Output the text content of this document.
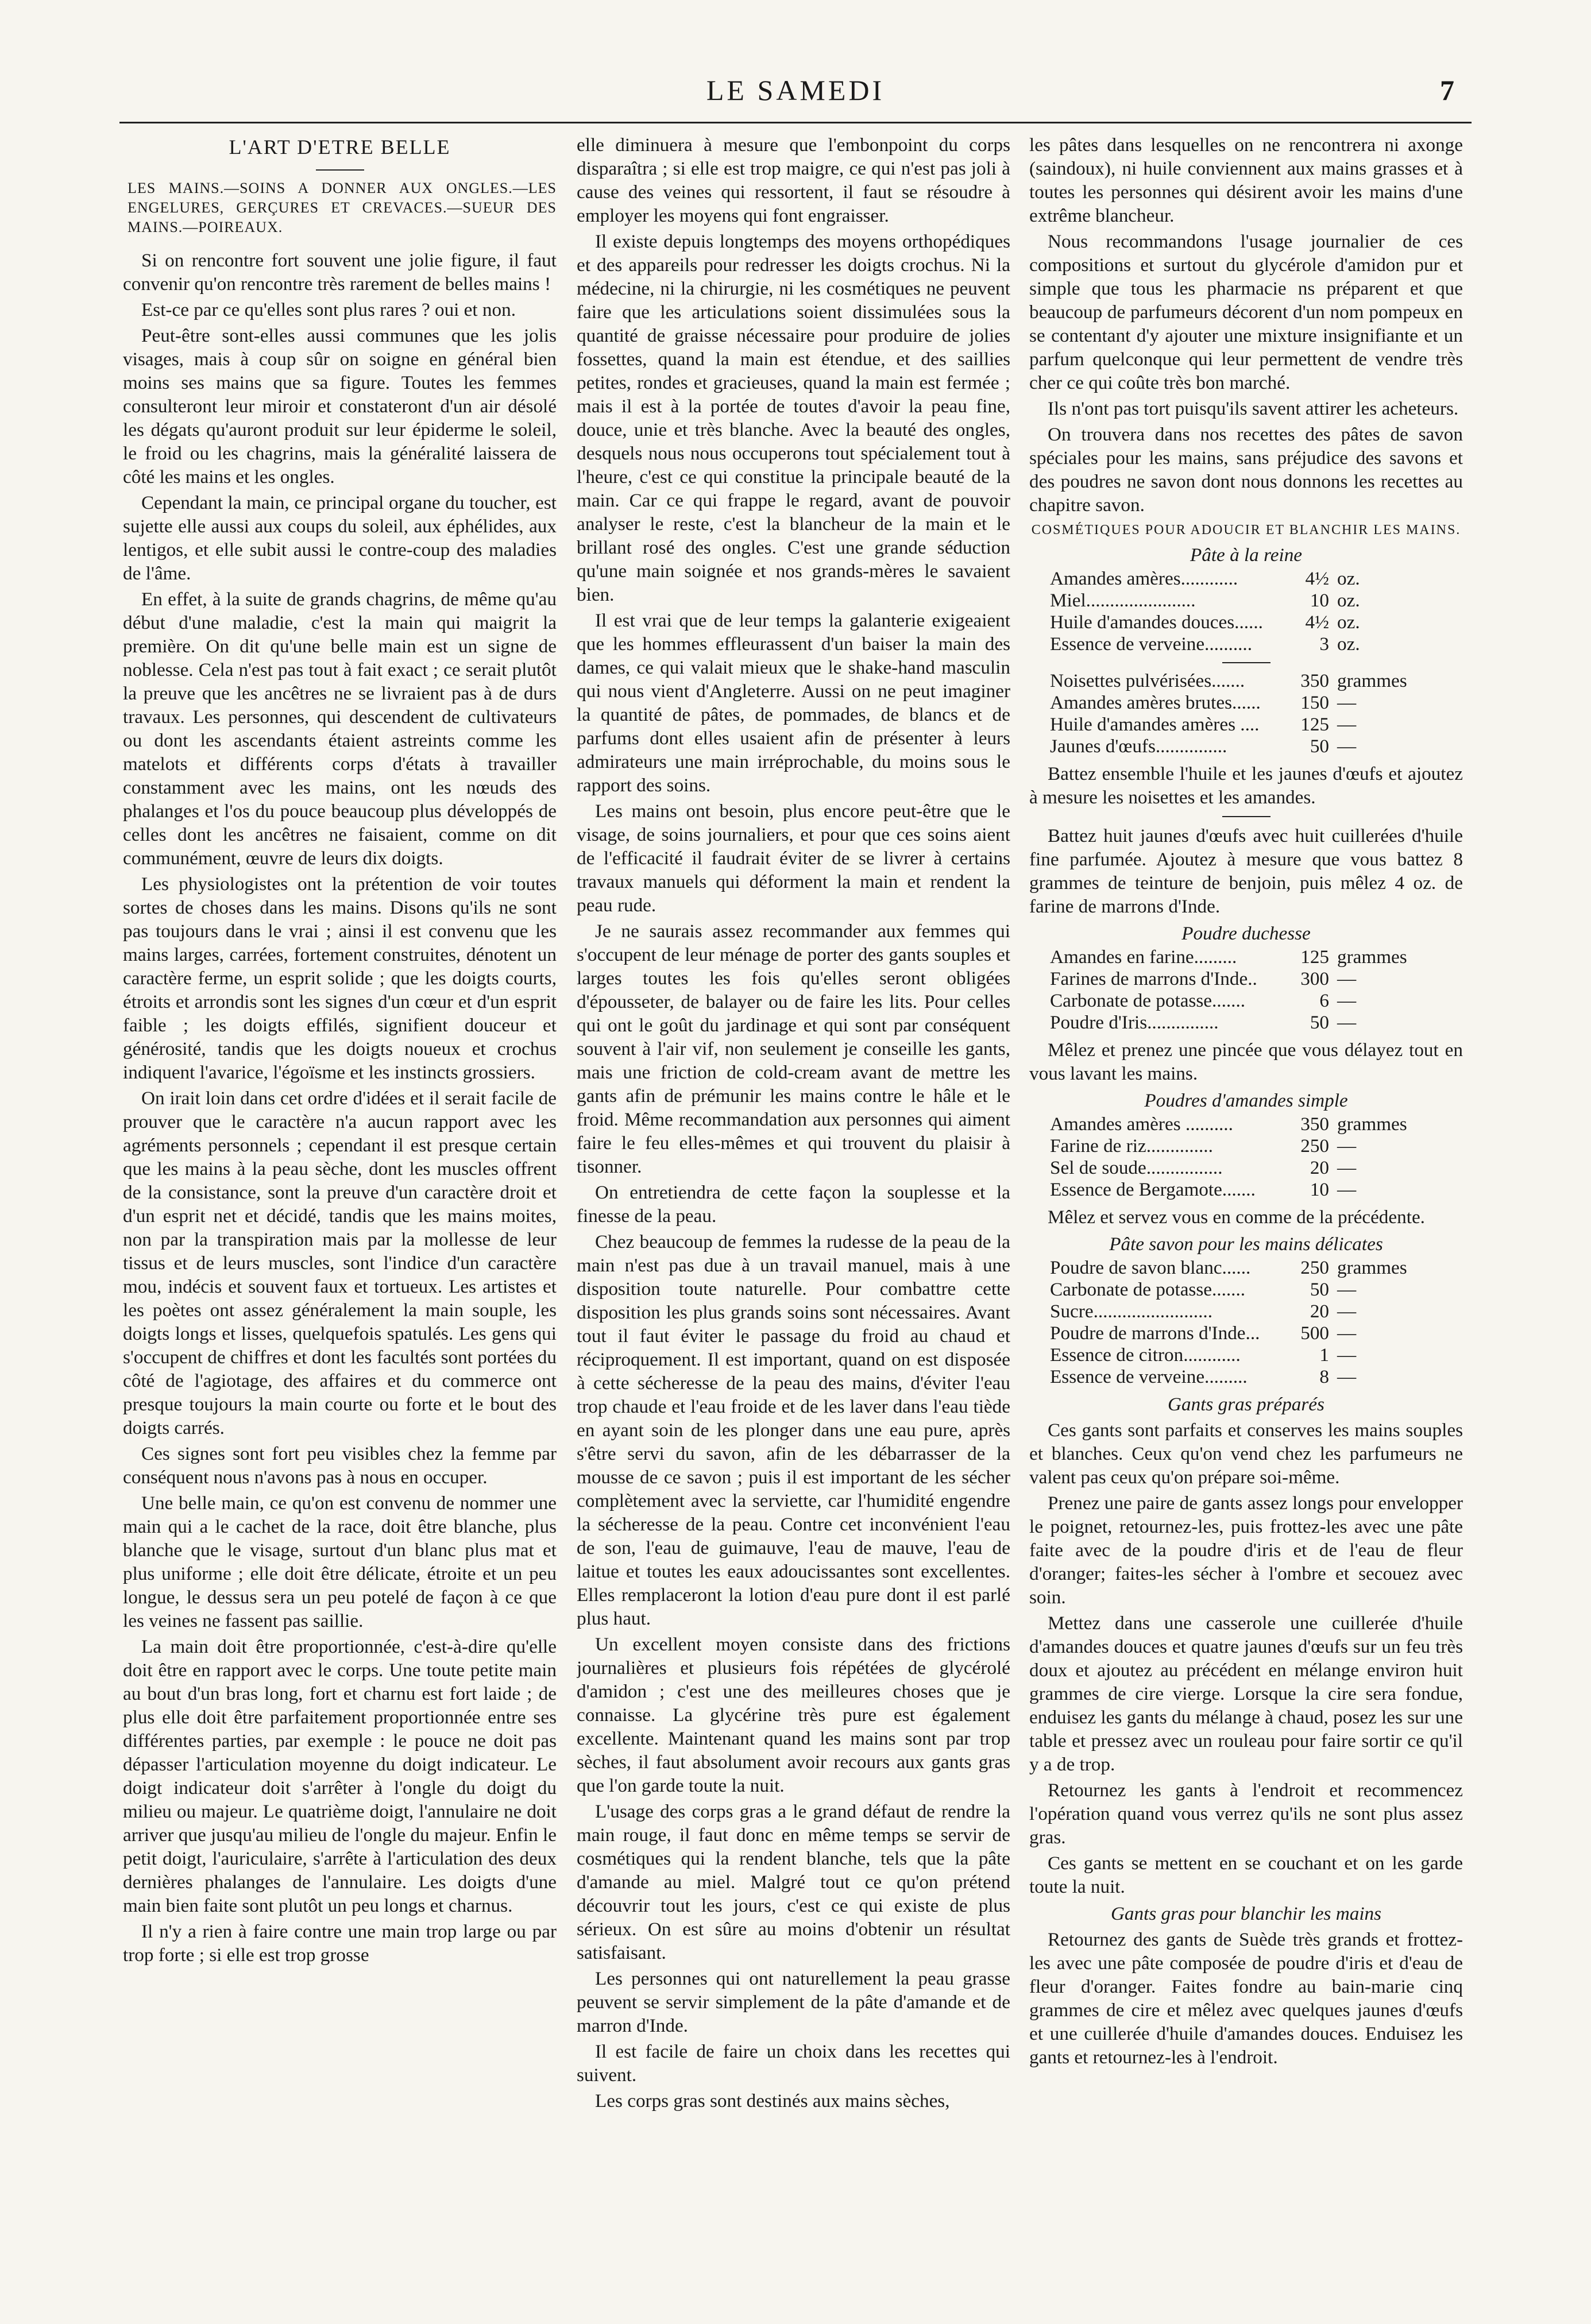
LE SAMEDI	7
L'ART D'ETRE BELLE

LES MAINS.—SOINS A DONNER AUX ONGLES.—LES ENGELURES, GERÇURES ET CREVACES.—SUEUR DES MAINS.—POIREAUX.

Si on rencontre fort souvent une jolie figure, il faut convenir qu'on rencontre très rarement de belles mains !

Est-ce par ce qu'elles sont plus rares ? oui et non.

Peut-être sont-elles aussi communes que les jolis visages, mais à coup sûr on soigne en général bien moins ses mains que sa figure. Toutes les femmes consulteront leur miroir et constateront d'un air désolé les dégats qu'auront produit sur leur épiderme le soleil, le froid ou les chagrins, mais la généralité laissera de côté les mains et les ongles.

Cependant la main, ce principal organe du toucher, est sujette elle aussi aux coups du soleil, aux éphélides, aux lentigos, et elle subit aussi le contre-coup des maladies de l'âme.

En effet, à la suite de grands chagrins, de même qu'au début d'une maladie, c'est la main qui maigrit la première. On dit qu'une belle main est un signe de noblesse. Cela n'est pas tout à fait exact ; ce serait plutôt la preuve que les ancêtres ne se livraient pas à de durs travaux. Les personnes, qui descendent de cultivateurs ou dont les ascendants étaient astreints comme les matelots et différents corps d'états à travailler constamment avec les mains, ont les nœuds des phalanges et l'os du pouce beaucoup plus développés de celles dont les ancêtres ne faisaient, comme on dit communément, œuvre de leurs dix doigts.

Les physiologistes ont la prétention de voir toutes sortes de choses dans les mains. Disons qu'ils ne sont pas toujours dans le vrai ; ainsi il est convenu que les mains larges, carrées, fortement construites, dénotent un caractère ferme, un esprit solide ; que les doigts courts, étroits et arrondis sont les signes d'un cœur et d'un esprit faible ; les doigts effilés, signifient douceur et générosité, tandis que les doigts noueux et crochus indiquent l'avarice, l'égoïsme et les instincts grossiers.

On irait loin dans cet ordre d'idées et il serait facile de prouver que le caractère n'a aucun rapport avec les agréments personnels ; cependant il est presque certain que les mains à la peau sèche, dont les muscles offrent de la consistance, sont la preuve d'un caractère droit et d'un esprit net et décidé, tandis que les mains moites, non par la transpiration mais par la mollesse de leur tissus et de leurs muscles, sont l'indice d'un caractère mou, indécis et souvent faux et tortueux. Les artistes et les poètes ont assez généralement la main souple, les doigts longs et lisses, quelquefois spatulés. Les gens qui s'occupent de chiffres et dont les facultés sont portées du côté de l'agiotage, des affaires et du commerce ont presque toujours la main courte ou forte et le bout des doigts carrés.

Ces signes sont fort peu visibles chez la femme par conséquent nous n'avons pas à nous en occuper.

Une belle main, ce qu'on est convenu de nommer une main qui a le cachet de la race, doit être blanche, plus blanche que le visage, surtout d'un blanc plus mat et plus uniforme ; elle doit être délicate, étroite et un peu longue, le dessus sera un peu potelé de façon à ce que les veines ne fassent pas saillie.

La main doit être proportionnée, c'est-à-dire qu'elle doit être en rapport avec le corps. Une toute petite main au bout d'un bras long, fort et charnu est fort laide ; de plus elle doit être parfaitement proportionnée entre ses différentes parties, par exemple : le pouce ne doit pas dépasser l'articulation moyenne du doigt indicateur. Le doigt indicateur doit s'arrêter à l'ongle du doigt du milieu ou majeur. Le quatrième doigt, l'annulaire ne doit arriver que jusqu'au milieu de l'ongle du majeur. Enfin le petit doigt, l'auriculaire, s'arrête à l'articulation des deux dernières phalanges de l'annulaire. Les doigts d'une main bien faite sont plutôt un peu longs et charnus.

Il n'y a rien à faire contre une main trop large ou par trop forte ; si elle est trop grosse

elle diminuera à mesure que l'embonpoint du corps disparaîtra ; si elle est trop maigre, ce qui n'est pas joli à cause des veines qui ressortent, il faut se résoudre à employer les moyens qui font engraisser.

Il existe depuis longtemps des moyens orthopédiques et des appareils pour redresser les doigts crochus. Ni la médecine, ni la chirurgie, ni les cosmétiques ne peuvent faire que les articulations soient dissimulées sous la quantité de graisse nécessaire pour produire de jolies fossettes, quand la main est étendue, et des saillies petites, rondes et gracieuses, quand la main est fermée ; mais il est à la portée de toutes d'avoir la peau fine, douce, unie et très blanche. Avec la beauté des ongles, desquels nous nous occuperons tout spécialement tout à l'heure, c'est ce qui constitue la principale beauté de la main. Car ce qui frappe le regard, avant de pouvoir analyser le reste, c'est la blancheur de la main et le brillant rosé des ongles. C'est une grande séduction qu'une main soignée et nos grands-mères le savaient bien.

Il est vrai que de leur temps la galanterie exigeaient que les hommes effleurassent d'un baiser la main des dames, ce qui valait mieux que le shake-hand masculin qui nous vient d'Angleterre. Aussi on ne peut imaginer la quantité de pâtes, de pommades, de blancs et de parfums dont elles usaient afin de présenter à leurs admirateurs une main irréprochable, du moins sous le rapport des soins.

Les mains ont besoin, plus encore peut-être que le visage, de soins journaliers, et pour que ces soins aient de l'efficacité il faudrait éviter de se livrer à certains travaux manuels qui déforment la main et rendent la peau rude.

Je ne saurais assez recommander aux femmes qui s'occupent de leur ménage de porter des gants souples et larges toutes les fois qu'elles seront obligées d'épousseter, de balayer ou de faire les lits. Pour celles qui ont le goût du jardinage et qui sont par conséquent souvent à l'air vif, non seulement je conseille les gants, mais une friction de cold-cream avant de mettre les gants afin de prémunir les mains contre le hâle et le froid. Même recommandation aux personnes qui aiment faire le feu elles-mêmes et qui trouvent du plaisir à tisonner.

On entretiendra de cette façon la souplesse et la finesse de la peau.

Chez beaucoup de femmes la rudesse de la peau de la main n'est pas due à un travail manuel, mais à une disposition toute naturelle. Pour combattre cette disposition les plus grands soins sont nécessaires. Avant tout il faut éviter le passage du froid au chaud et réciproquement. Il est important, quand on est disposée à cette sécheresse de la peau des mains, d'éviter l'eau trop chaude et l'eau froide et de les laver dans l'eau tiède en ayant soin de les plonger dans une eau pure, après s'être servi du savon, afin de les débarrasser de la mousse de ce savon ; puis il est important de les sécher complètement avec la serviette, car l'humidité engendre la sécheresse de la peau. Contre cet inconvénient l'eau de son, l'eau de guimauve, l'eau de mauve, l'eau de laitue et toutes les eaux adoucissantes sont excellentes. Elles remplaceront la lotion d'eau pure dont il est parlé plus haut.

Un excellent moyen consiste dans des frictions journalières et plusieurs fois répétées de glycérolé d'amidon ; c'est une des meilleures choses que je connaisse. La glycérine très pure est également excellente. Maintenant quand les mains sont par trop sèches, il faut absolument avoir recours aux gants gras que l'on garde toute la nuit.

L'usage des corps gras a le grand défaut de rendre la main rouge, il faut donc en même temps se servir de cosmétiques qui la rendent blanche, tels que la pâte d'amande au miel. Malgré tout ce qu'on prétend découvrir tout les jours, c'est ce qui existe de plus sérieux. On est sûre au moins d'obtenir un résultat satisfaisant.

Les personnes qui ont naturellement la peau grasse peuvent se servir simplement de la pâte d'amande et de marron d'Inde.

Il est facile de faire un choix dans les recettes qui suivent.

Les corps gras sont destinés aux mains sèches,

les pâtes dans lesquelles on ne rencontrera ni axonge (saindoux), ni huile conviennent aux mains grasses et à toutes les personnes qui désirent avoir les mains d'une extrême blancheur.

Nous recommandons l'usage journalier de ces compositions et surtout du glycérole d'amidon pur et simple que tous les pharmacie ns préparent et que beaucoup de parfumeurs décorent d'un nom pompeux en se contentant d'y ajouter une mixture insignifiante et un parfum quelconque qui leur permettent de vendre très cher ce qui coûte très bon marché.

Ils n'ont pas tort puisqu'ils savent attirer les acheteurs.

On trouvera dans nos recettes des pâtes de savon spéciales pour les mains, sans préjudice des savons et des poudres ne savon dont nous donnons les recettes au chapitre savon.

COSMÉTIQUES POUR ADOUCIR ET BLANCHIR LES MAINS.

Pâte à la reine

Amandes amères............	4½ oz.
Miel.......................	10 oz.
Huile d'amandes douces......	4½ oz.
Essence de verveine..........	3 oz.
Noisettes pulvérisées.......	350 grammes
Amandes amères brutes......	150 —
Huile d'amandes amères ....	125 —
Jaunes d'œufs...............	50 —

Battez ensemble l'huile et les jaunes d'œufs et ajoutez à mesure les noisettes et les amandes.

Battez huit jaunes d'œufs avec huit cuillerées d'huile fine parfumée. Ajoutez à mesure que vous battez 8 grammes de teinture de benjoin, puis mêlez 4 oz. de farine de marrons d'Inde.

Poudre duchesse

Amandes en farine.........	125 grammes
Farines de marrons d'Inde..	300 —
Carbonate de potasse.......	6 —
Poudre d'Iris...............	50 —

Mêlez et prenez une pincée que vous délayez tout en vous lavant les mains.

Poudres d'amandes simple

Amandes amères ..........	350 grammes
Farine de riz..............	250 —
Sel de soude................	20 —
Essence de Bergamote.......	10 —

Mêlez et servez vous en comme de la précédente.

Pâte savon pour les mains délicates

Poudre de savon blanc......	250 grammes
Carbonate de potasse.......	50 —
Sucre.........................	20 —
Poudre de marrons d'Inde...	500 —
Essence de citron............	1 —
Essence de verveine.........	8 —

Gants gras préparés

Ces gants sont parfaits et conserves les mains souples et blanches. Ceux qu'on vend chez les parfumeurs ne valent pas ceux qu'on prépare soi-même.

Prenez une paire de gants assez longs pour envelopper le poignet, retournez-les, puis frottez-les avec une pâte faite avec de la poudre d'iris et de l'eau de fleur d'oranger; faites-les sécher à l'ombre et secouez avec soin.

Mettez dans une casserole une cuillerée d'huile d'amandes douces et quatre jaunes d'œufs sur un feu très doux et ajoutez au précédent en mélange environ huit grammes de cire vierge. Lorsque la cire sera fondue, enduisez les gants du mélange à chaud, posez les sur une table et pressez avec un rouleau pour faire sortir ce qu'il y a de trop.

Retournez les gants à l'endroit et recommencez l'opération quand vous verrez qu'ils ne sont plus assez gras.

Ces gants se mettent en se couchant et on les garde toute la nuit.

Gants gras pour blanchir les mains

Retournez des gants de Suède très grands et frottez-les avec une pâte composée de poudre d'iris et d'eau de fleur d'oranger. Faites fondre au bain-marie cinq grammes de cire et mêlez avec quelques jaunes d'œufs et une cuillerée d'huile d'amandes douces. Enduisez les gants et retournez-les à l'endroit.
